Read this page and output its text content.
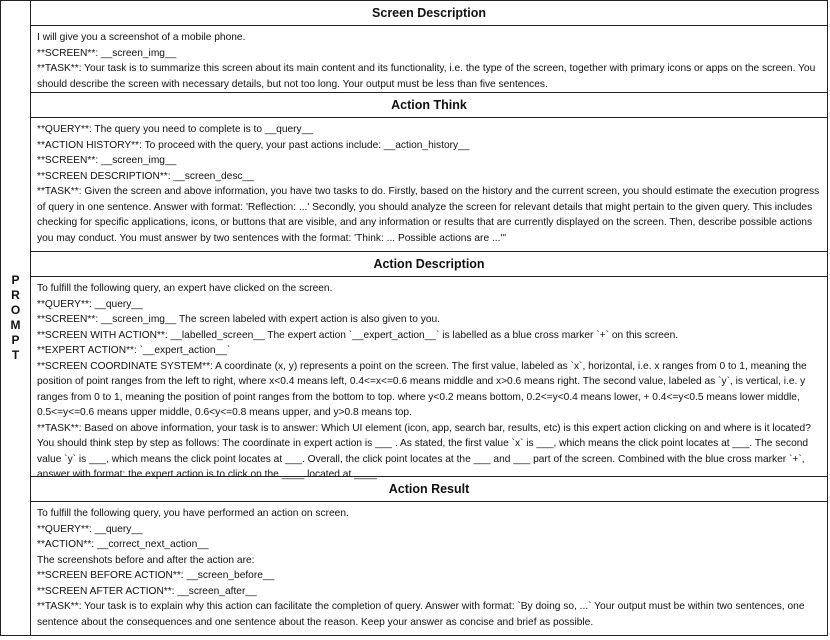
PROMPT
Screen Description
I will give you a screenshot of a mobile phone.
**SCREEN**: __screen_img__
**TASK**: Your task is to summarize this screen about its main content and its functionality, i.e. the type of the screen, together with primary icons or apps on the screen. You should describe the screen with necessary details, but not too long. Your output must be less than five sentences.
Action Think
**QUERY**: The query you need to complete is to __query__
**ACTION HISTORY**: To proceed with the query, your past actions include: __action_history__
**SCREEN**: __screen_img__
**SCREEN DESCRIPTION**: __screen_desc__
**TASK**: Given the screen and above information, you have two tasks to do. Firstly, based on the history and the current screen, you should estimate the execution progress of query in one sentence. Answer with format: 'Reflection: ...' Secondly, you should analyze the screen for relevant details that might pertain to the given query. This includes checking for specific applications, icons, or buttons that are visible, and any information or results that are currently displayed on the screen. Then, describe possible actions you may conduct. You must answer by two sentences with the format: 'Think: ... Possible actions are ...'"
Action Description
To fulfill the following query, an expert have clicked on the screen.
**QUERY**: __query__
**SCREEN**: __screen_img__ The screen labeled with expert action is also given to you.
**SCREEN WITH ACTION**: __labelled_screen__ The expert action `__expert_action__` is labelled as a blue cross marker `+` on this screen.
**EXPERT ACTION**: `__expert_action__`
**SCREEN COORDINATE SYSTEM**: A coordinate (x, y) represents a point on the screen. The first value, labeled as `x`, horizontal, i.e. x ranges from 0 to 1, meaning the position of point ranges from the left to right, where x<0.4 means left, 0.4<=x<=0.6 means middle and x>0.6 means right. The second value, labeled as `y`, is vertical, i.e. y ranges from 0 to 1, meaning the position of point ranges from the bottom to top. where y<0.2 means bottom, 0.2<=y<0.4 means lower, + 0.4<=y<0.5 means lower middle, 0.5<=y<=0.6 means upper middle, 0.6<y<=0.8 means upper, and y>0.8 means top.
**TASK**: Based on above information, your task is to answer: Which UI element (icon, app, search bar, results, etc) is this expert action clicking on and where is it located? You should think step by step as follows: The coordinate in expert action is ___ . As stated, the first value `x` is ___, which means the click point locates at ___. The second value `y` is ___, which means the click point locates at ___. Overall, the click point locates at the ___ and ___ part of the screen. Combined with the blue cross marker `+`, answer with format: the expert action is to click on the ____ located at ____ .
Action Result
To fulfill the following query, you have performed an action on screen.
**QUERY**: __query__
**ACTION**: __correct_next_action__
The screenshots before and after the action are:
**SCREEN BEFORE ACTION**: __screen_before__
**SCREEN AFTER ACTION**: __screen_after__
**TASK**: Your task is to explain why this action can facilitate the completion of query. Answer with format: `By doing so, ...` Your output must be within two sentences, one sentence about the consequences and one sentence about the reason. Keep your answer as concise and brief as possible.
